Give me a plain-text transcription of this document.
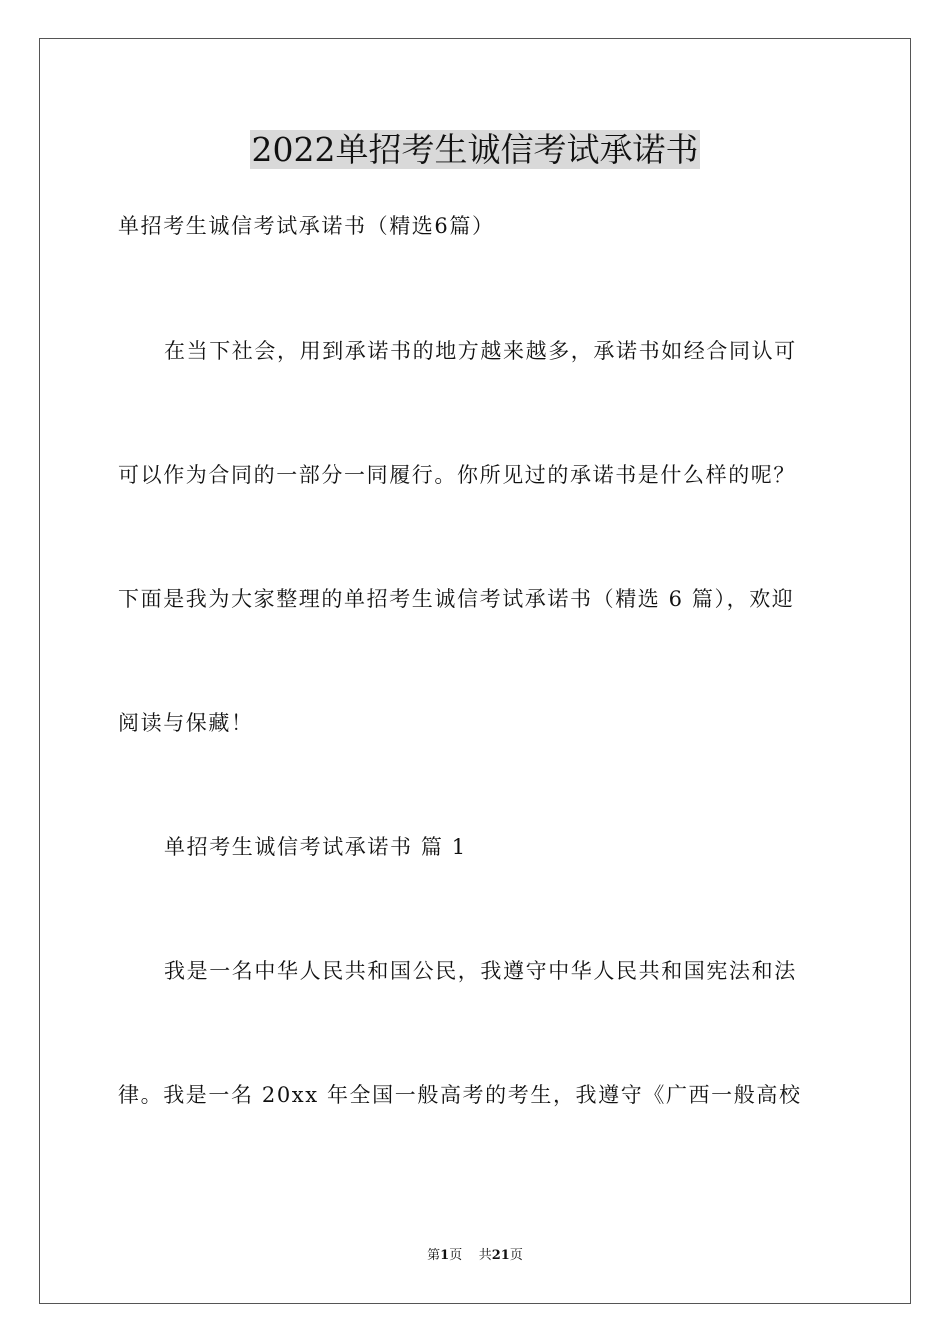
2022单招考生诚信考试承诺书
单招考生诚信考试承诺书（精选6篇）
在当下社会，用到承诺书的地方越来越多，承诺书如经合同认可
可以作为合同的一部分一同履行。你所见过的承诺书是什么样的呢？
下面是我为大家整理的单招考生诚信考试承诺书（精选 6 篇），欢迎
阅读与保藏！
单招考生诚信考试承诺书 篇 1
我是一名中华人民共和国公民，我遵守中华人民共和国宪法和法
律。我是一名 20xx 年全国一般高考的考生，我遵守《广西一般高校
第1页 共21页
